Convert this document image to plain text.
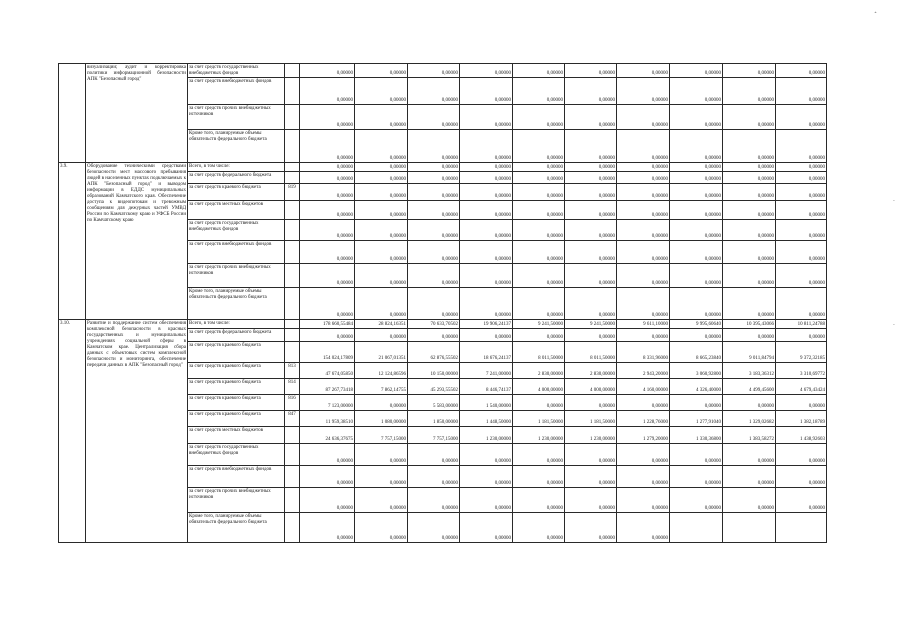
ˆ
·
·
	визуализации; аудит и корректировка политики информационной безопасности АПК "Безопасный город"	за счет средств государственных внебюджетных фондов		0,00000	0,00000	0,00000	0,00000	0,00000	0,00000	0,00000	0,00000	0,00000	0,00000
		за счет средств внебюджетных фондов		0,00000	0,00000	0,00000	0,00000	0,00000	0,00000	0,00000	0,00000	0,00000	0,00000
		за счет средств прочих внебюджетных источников		0,00000	0,00000	0,00000	0,00000	0,00000	0,00000	0,00000	0,00000	0,00000	0,00000
		Кроме того, планируемые объемы обязательств федерального бюджета		0,00000	0,00000	0,00000	0,00000	0,00000	0,00000	0,00000	0,00000	0,00000	0,00000
3.9.	Оборудование техническими средствами безопасности мест массового пребывания людей в населенных пунктах подключаемых к АПК "Безопасный город" и выводом информации в ЕДДС муниципальных образований Камчатского края. Обеспечение доступа к видеопотокам и тревожным сообщениям для дежурных частей УМВД России по Камчатскому краю и УФСБ России по Камчатскому краю	Всего, в том числе:		0,00000	0,00000	0,00000	0,00000	0,00000	0,00000	0,00000	0,00000	0,00000	0,00000
		за счет средств федерального бюджета		0,00000	0,00000	0,00000	0,00000	0,00000	0,00000	0,00000	0,00000	0,00000	0,00000
		за счет средств краевого бюджета	819	0,00000	0,00000	0,00000	0,00000	0,00000	0,00000	0,00000	0,00000	0,00000	0,00000
		за счет средств местных бюджетов		0,00000	0,00000	0,00000	0,00000	0,00000	0,00000	0,00000	0,00000	0,00000	0,00000
		за счет средств государственных внебюджетных фондов		0,00000	0,00000	0,00000	0,00000	0,00000	0,00000	0,00000	0,00000	0,00000	0,00000
		за счет средств внебюджетных фондов		0,00000	0,00000	0,00000	0,00000	0,00000	0,00000	0,00000	0,00000	0,00000	0,00000
		за счет средств прочих внебюджетных источников		0,00000	0,00000	0,00000	0,00000	0,00000	0,00000	0,00000	0,00000	0,00000	0,00000
		Кроме того, планируемые объемы обязательств федерального бюджета		0,00000	0,00000	0,00000	0,00000	0,00000	0,00000	0,00000	0,00000	0,00000	0,00000
3.10.	Развитие и поддержание систем обеспечения комплексной безопасности в красных государственных и муниципальных учреждениях социальной сферы в Камчатском крае. Централизация сбора данных с объектовых систем комплексной безопасности и мониторинга, обеспечение передачи данных в АПК "Безопасный город"	Всего, в том числе:		178 660,55484	28 824,16351	70 633,70502	19 906,24137	9 241,50000	9 241,50000	9 611,10000	9 995,60640	10 395,43066	10 811,24788
		за счет средств федерального бюджета		0,00000	0,00000	0,00000	0,00000	0,00000	0,00000	0,00000	0,00000	0,00000	0,00000
		за счет средств краевого бюджета		154 024,17809	21 067,01351	62 876,55502	18 676,24137	8 011,50000	8 011,50000	8 331,96000	8 665,23840	9 011,84794	9 372,32185
		за счет средств краевого бюджета	813	47 674,05850	12 124,86596	10 150,00000	7 241,00000	2 830,00000	2 830,00000	2 943,20000	3 060,92800	3 183,36312	3 310,69772
		за счет средств краевого бюджета	814	87 267,73418	7 862,14755	45 293,55502	8 446,74137	4 000,00000	4 000,00000	4 160,00000	4 326,40000	4 499,45600	4 679,43424
		за счет средств краевого бюджета	816	7 123,00000	0,00000	5 583,00000	1 540,00000	0,00000	0,00000	0,00000	0,00000	0,00000	0,00000
		за счет средств краевого бюджета	847	11 959,38510	1 080,00000	1 850,00000	1 448,50000	1 181,50000	1 181,50000	1 228,76000	1 277,91040	1 329,02682	1 382,18789
		за счет средств местных бюджетов		24 636,37675	7 757,15000	7 757,15000	1 230,00000	1 230,00000	1 230,00000	1 279,20000	1 330,36800	1 383,58272	1 438,92603
		за счет средств государственных внебюджетных фондов		0,00000	0,00000	0,00000	0,00000	0,00000	0,00000	0,00000	0,00000	0,00000	0,00000
		за счет средств внебюджетных фондов		0,00000	0,00000	0,00000	0,00000	0,00000	0,00000	0,00000	0,00000	0,00000	0,00000
		за счет средств прочих внебюджетных источников		0,00000	0,00000	0,00000	0,00000	0,00000	0,00000	0,00000	0,00000	0,00000	0,00000
		Кроме того, планируемые объемы обязательств федерального бюджета		0,00000	0,00000	0,00000	0,00000	0,00000	0,00000	0,00000			
